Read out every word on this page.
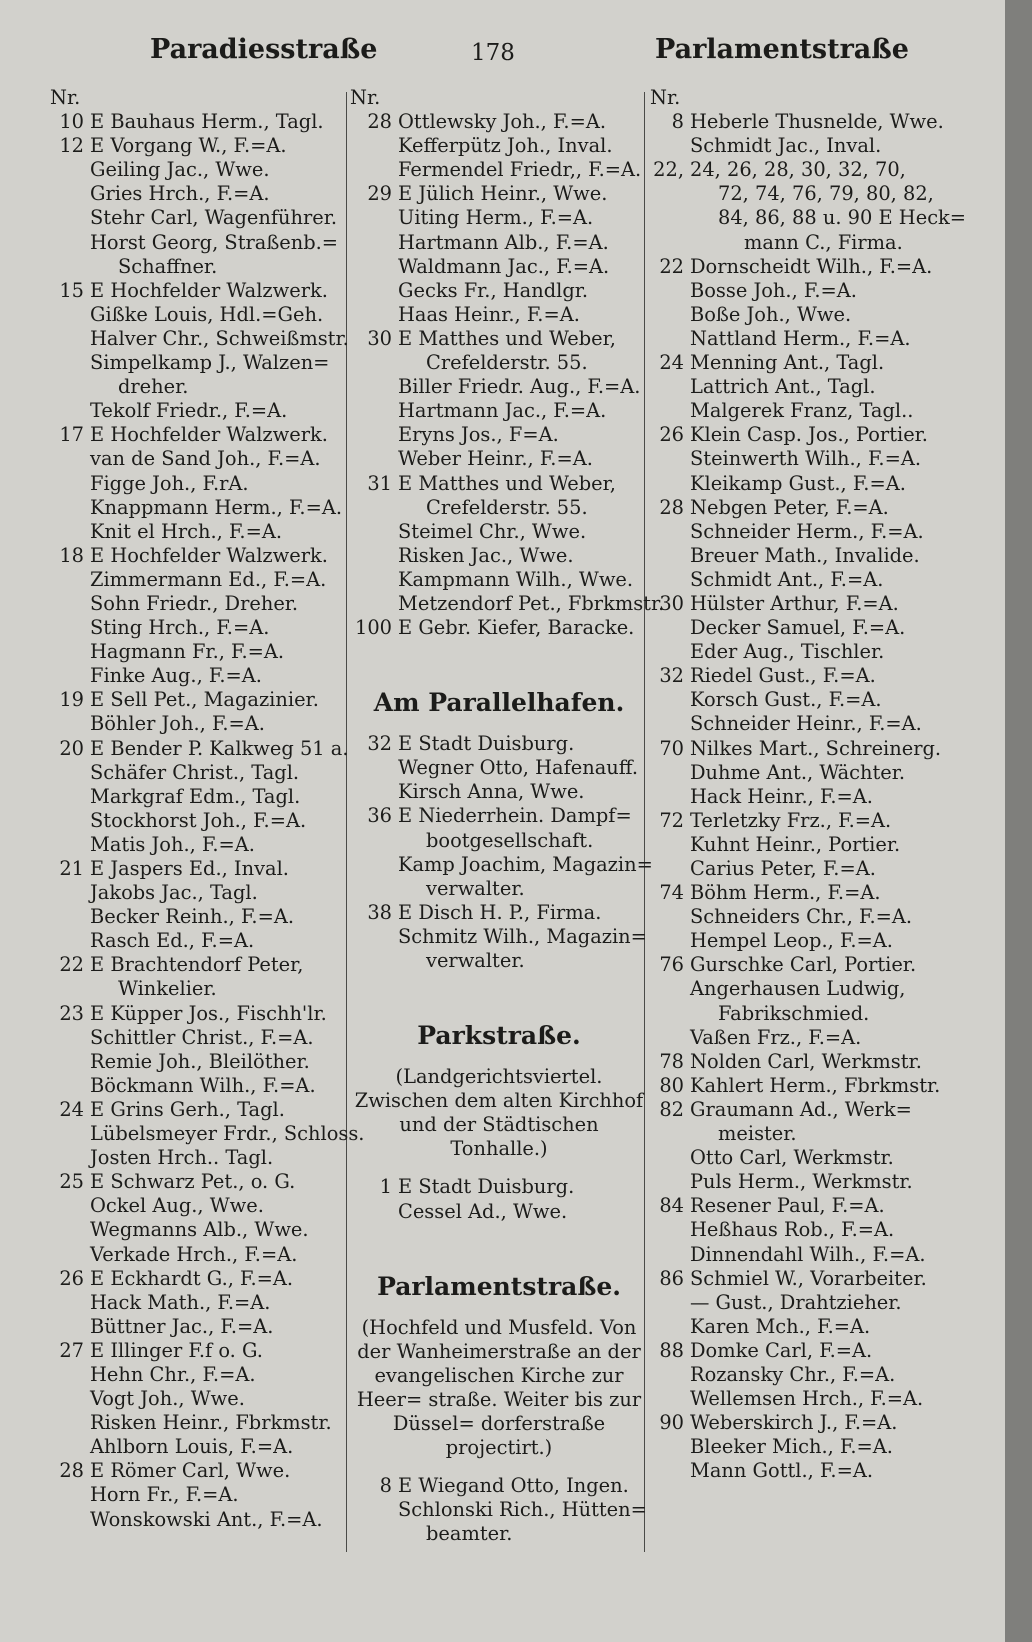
Paradiesstraße	178	Parlamentstraße
Nr.
10 E Bauhaus Herm., Tagl.
12 E Vorgang W., F.=A.
Geiling Jac., Wwe.
Gries Hrch., F.=A.
Stehr Carl, Wagenführer.
Horst Georg, Straßenb.=
Schaffner.
15 E Hochfelder Walzwerk.
Gißke Louis, Hdl.=Geh.
Halver Chr., Schweißmstr.
Simpelkamp J., Walzen=
dreher.
Tekolf Friedr., F.=A.
17 E Hochfelder Walzwerk.
van de Sand Joh., F.=A.
Figge Joh., F.rA.
Knappmann Herm., F.=A.
Knit el Hrch., F.=A.
18 E Hochfelder Walzwerk.
Zimmermann Ed., F.=A.
Sohn Friedr., Dreher.
Sting Hrch., F.=A.
Hagmann Fr., F.=A.
Finke Aug., F.=A.
19 E Sell Pet., Magazinier.
Böhler Joh., F.=A.
20 E Bender P. Kalkweg 51 a.
Schäfer Christ., Tagl.
Markgraf Edm., Tagl.
Stockhorst Joh., F.=A.
Matis Joh., F.=A.
21 E Jaspers Ed., Inval.
Jakobs Jac., Tagl.
Becker Reinh., F.=A.
Rasch Ed., F.=A.
22 E Brachtendorf Peter,
Winkelier.
23 E Küpper Jos., Fischh'lr.
Schittler Christ., F.=A.
Remie Joh., Bleilöther.
Böckmann Wilh., F.=A.
24 E Grins Gerh., Tagl.
Lübelsmeyer Frdr., Schloss.
Josten Hrch.. Tagl.
25 E Schwarz Pet., o. G.
Ockel Aug., Wwe.
Wegmanns Alb., Wwe.
Verkade Hrch., F.=A.
26 E Eckhardt G., F.=A.
Hack Math., F.=A.
Büttner Jac., F.=A.
27 E Illinger F.f o. G.
Hehn Chr., F.=A.
Vogt Joh., Wwe.
Risken Heinr., Fbrkmstr.
Ahlborn Louis, F.=A.
28 E Römer Carl, Wwe.
Horn Fr., F.=A.
Wonskowski Ant., F.=A.
Nr.
28 Ottlewsky Joh., F.=A.
Kefferpütz Joh., Inval.
Fermendel Friedr,, F.=A.
29 E Jülich Heinr., Wwe.
Uiting Herm., F.=A.
Hartmann Alb., F.=A.
Waldmann Jac., F.=A.
Gecks Fr., Handlgr.
Haas Heinr., F.=A.
30 E Matthes und Weber,
Crefelderstr. 55.
Biller Friedr. Aug., F.=A.
Hartmann Jac., F.=A.
Eryns Jos., F=A.
Weber Heinr., F.=A.
31 E Matthes und Weber,
Crefelderstr. 55.
Steimel Chr., Wwe.
Risken Jac., Wwe.
Kampmann Wilh., Wwe.
Metzendorf Pet., Fbrkmstr.
100 E Gebr. Kiefer, Baracke.
Am Parallelhafen.
32 E Stadt Duisburg.
Wegner Otto, Hafenauff.
Kirsch Anna, Wwe.
36 E Niederrhein. Dampf=
bootgesellschaft.
Kamp Joachim, Magazin=
verwalter.
38 E Disch H. P., Firma.
Schmitz Wilh., Magazin=
verwalter.
Parkstraße.
(Landgerichtsviertel. Zwischen dem alten Kirchhof und der Städtischen Tonhalle.)
1 E Stadt Duisburg.
Cessel Ad., Wwe.
Parlamentstraße.
(Hochfeld und Musfeld. Von der Wanheimerstraße an der evangelischen Kirche zur Heer= straße. Weiter bis zur Düssel= dorferstraße projectirt.)
8 E Wiegand Otto, Ingen.
Schlonski Rich., Hütten=
beamter.
Nr.
8 Heberle Thusnelde, Wwe.
Schmidt Jac., Inval.
22, 24, 26, 28, 30, 32, 70,
72, 74, 76, 79, 80, 82,
84, 86, 88 u. 90 E Heck=
mann C., Firma.
22 Dornscheidt Wilh., F.=A.
Bosse Joh., F.=A.
Boße Joh., Wwe.
Nattland Herm., F.=A.
24 Menning Ant., Tagl.
Lattrich Ant., Tagl.
Malgerek Franz, Tagl..
26 Klein Casp. Jos., Portier.
Steinwerth Wilh., F.=A.
Kleikamp Gust., F.=A.
28 Nebgen Peter, F.=A.
Schneider Herm., F.=A.
Breuer Math., Invalide.
Schmidt Ant., F.=A.
30 Hülster Arthur, F.=A.
Decker Samuel, F.=A.
Eder Aug., Tischler.
32 Riedel Gust., F.=A.
Korsch Gust., F.=A.
Schneider Heinr., F.=A.
70 Nilkes Mart., Schreinerg.
Duhme Ant., Wächter.
Hack Heinr., F.=A.
72 Terletzky Frz., F.=A.
Kuhnt Heinr., Portier.
Carius Peter, F.=A.
74 Böhm Herm., F.=A.
Schneiders Chr., F.=A.
Hempel Leop., F.=A.
76 Gurschke Carl, Portier.
Angerhausen Ludwig,
Fabrikschmied.
Vaßen Frz., F.=A.
78 Nolden Carl, Werkmstr.
80 Kahlert Herm., Fbrkmstr.
82 Graumann Ad., Werk=
meister.
Otto Carl, Werkmstr.
Puls Herm., Werkmstr.
84 Resener Paul, F.=A.
Heßhaus Rob., F.=A.
Dinnendahl Wilh., F.=A.
86 Schmiel W., Vorarbeiter.
— Gust., Drahtzieher.
Karen Mch., F.=A.
88 Domke Carl, F.=A.
Rozansky Chr., F.=A.
Wellemsen Hrch., F.=A.
90 Weberskirch J., F.=A.
Bleeker Mich., F.=A.
Mann Gottl., F.=A.
